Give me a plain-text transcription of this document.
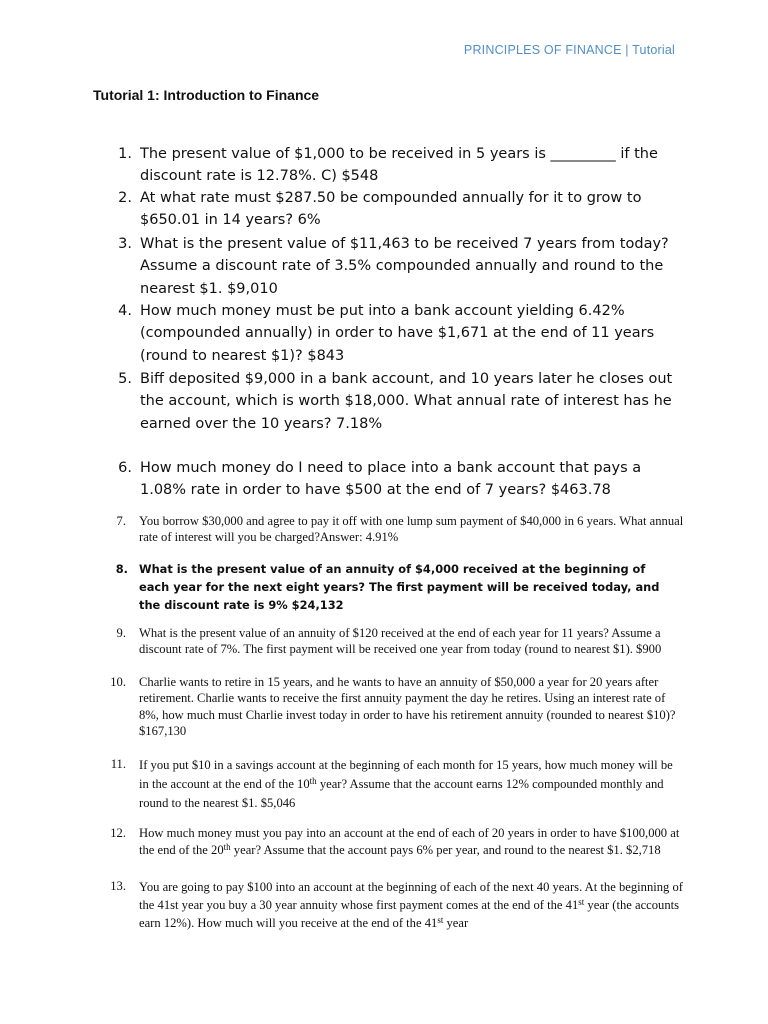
PRINCIPLES OF FINANCE | Tutorial
Tutorial 1: Introduction to Finance
1. The present value of $1,000 to be received in 5 years is _________ if the discount rate is 12.78%. C) $548
2. At what rate must $287.50 be compounded annually for it to grow to $650.01 in 14 years? 6%
3. What is the present value of $11,463 to be received 7 years from today? Assume a discount rate of 3.5% compounded annually and round to the nearest $1. $9,010
4. How much money must be put into a bank account yielding 6.42% (compounded annually) in order to have $1,671 at the end of 11 years (round to nearest $1)? $843
5. Biff deposited $9,000 in a bank account, and 10 years later he closes out the account, which is worth $18,000. What annual rate of interest has he earned over the 10 years? 7.18%
6. How much money do I need to place into a bank account that pays a 1.08% rate in order to have $500 at the end of 7 years? $463.78
7. You borrow $30,000 and agree to pay it off with one lump sum payment of $40,000 in 6 years. What annual rate of interest will you be charged?Answer: 4.91%
8. What is the present value of an annuity of $4,000 received at the beginning of each year for the next eight years? The first payment will be received today, and the discount rate is 9% $24,132
9. What is the present value of an annuity of $120 received at the end of each year for 11 years? Assume a discount rate of 7%. The first payment will be received one year from today (round to nearest $1). $900
10. Charlie wants to retire in 15 years, and he wants to have an annuity of $50,000 a year for 20 years after retirement. Charlie wants to receive the first annuity payment the day he retires. Using an interest rate of 8%, how much must Charlie invest today in order to have his retirement annuity (rounded to nearest $10)? $167,130
11. If you put $10 in a savings account at the beginning of each month for 15 years, how much money will be in the account at the end of the 10th year? Assume that the account earns 12% compounded monthly and round to the nearest $1. $5,046
12. How much money must you pay into an account at the end of each of 20 years in order to have $100,000 at the end of the 20th year? Assume that the account pays 6% per year, and round to the nearest $1. $2,718
13. You are going to pay $100 into an account at the beginning of each of the next 40 years. At the beginning of the 41st year you buy a 30 year annuity whose first payment comes at the end of the 41st year (the accounts earn 12%). How much will you receive at the end of the 41st year
